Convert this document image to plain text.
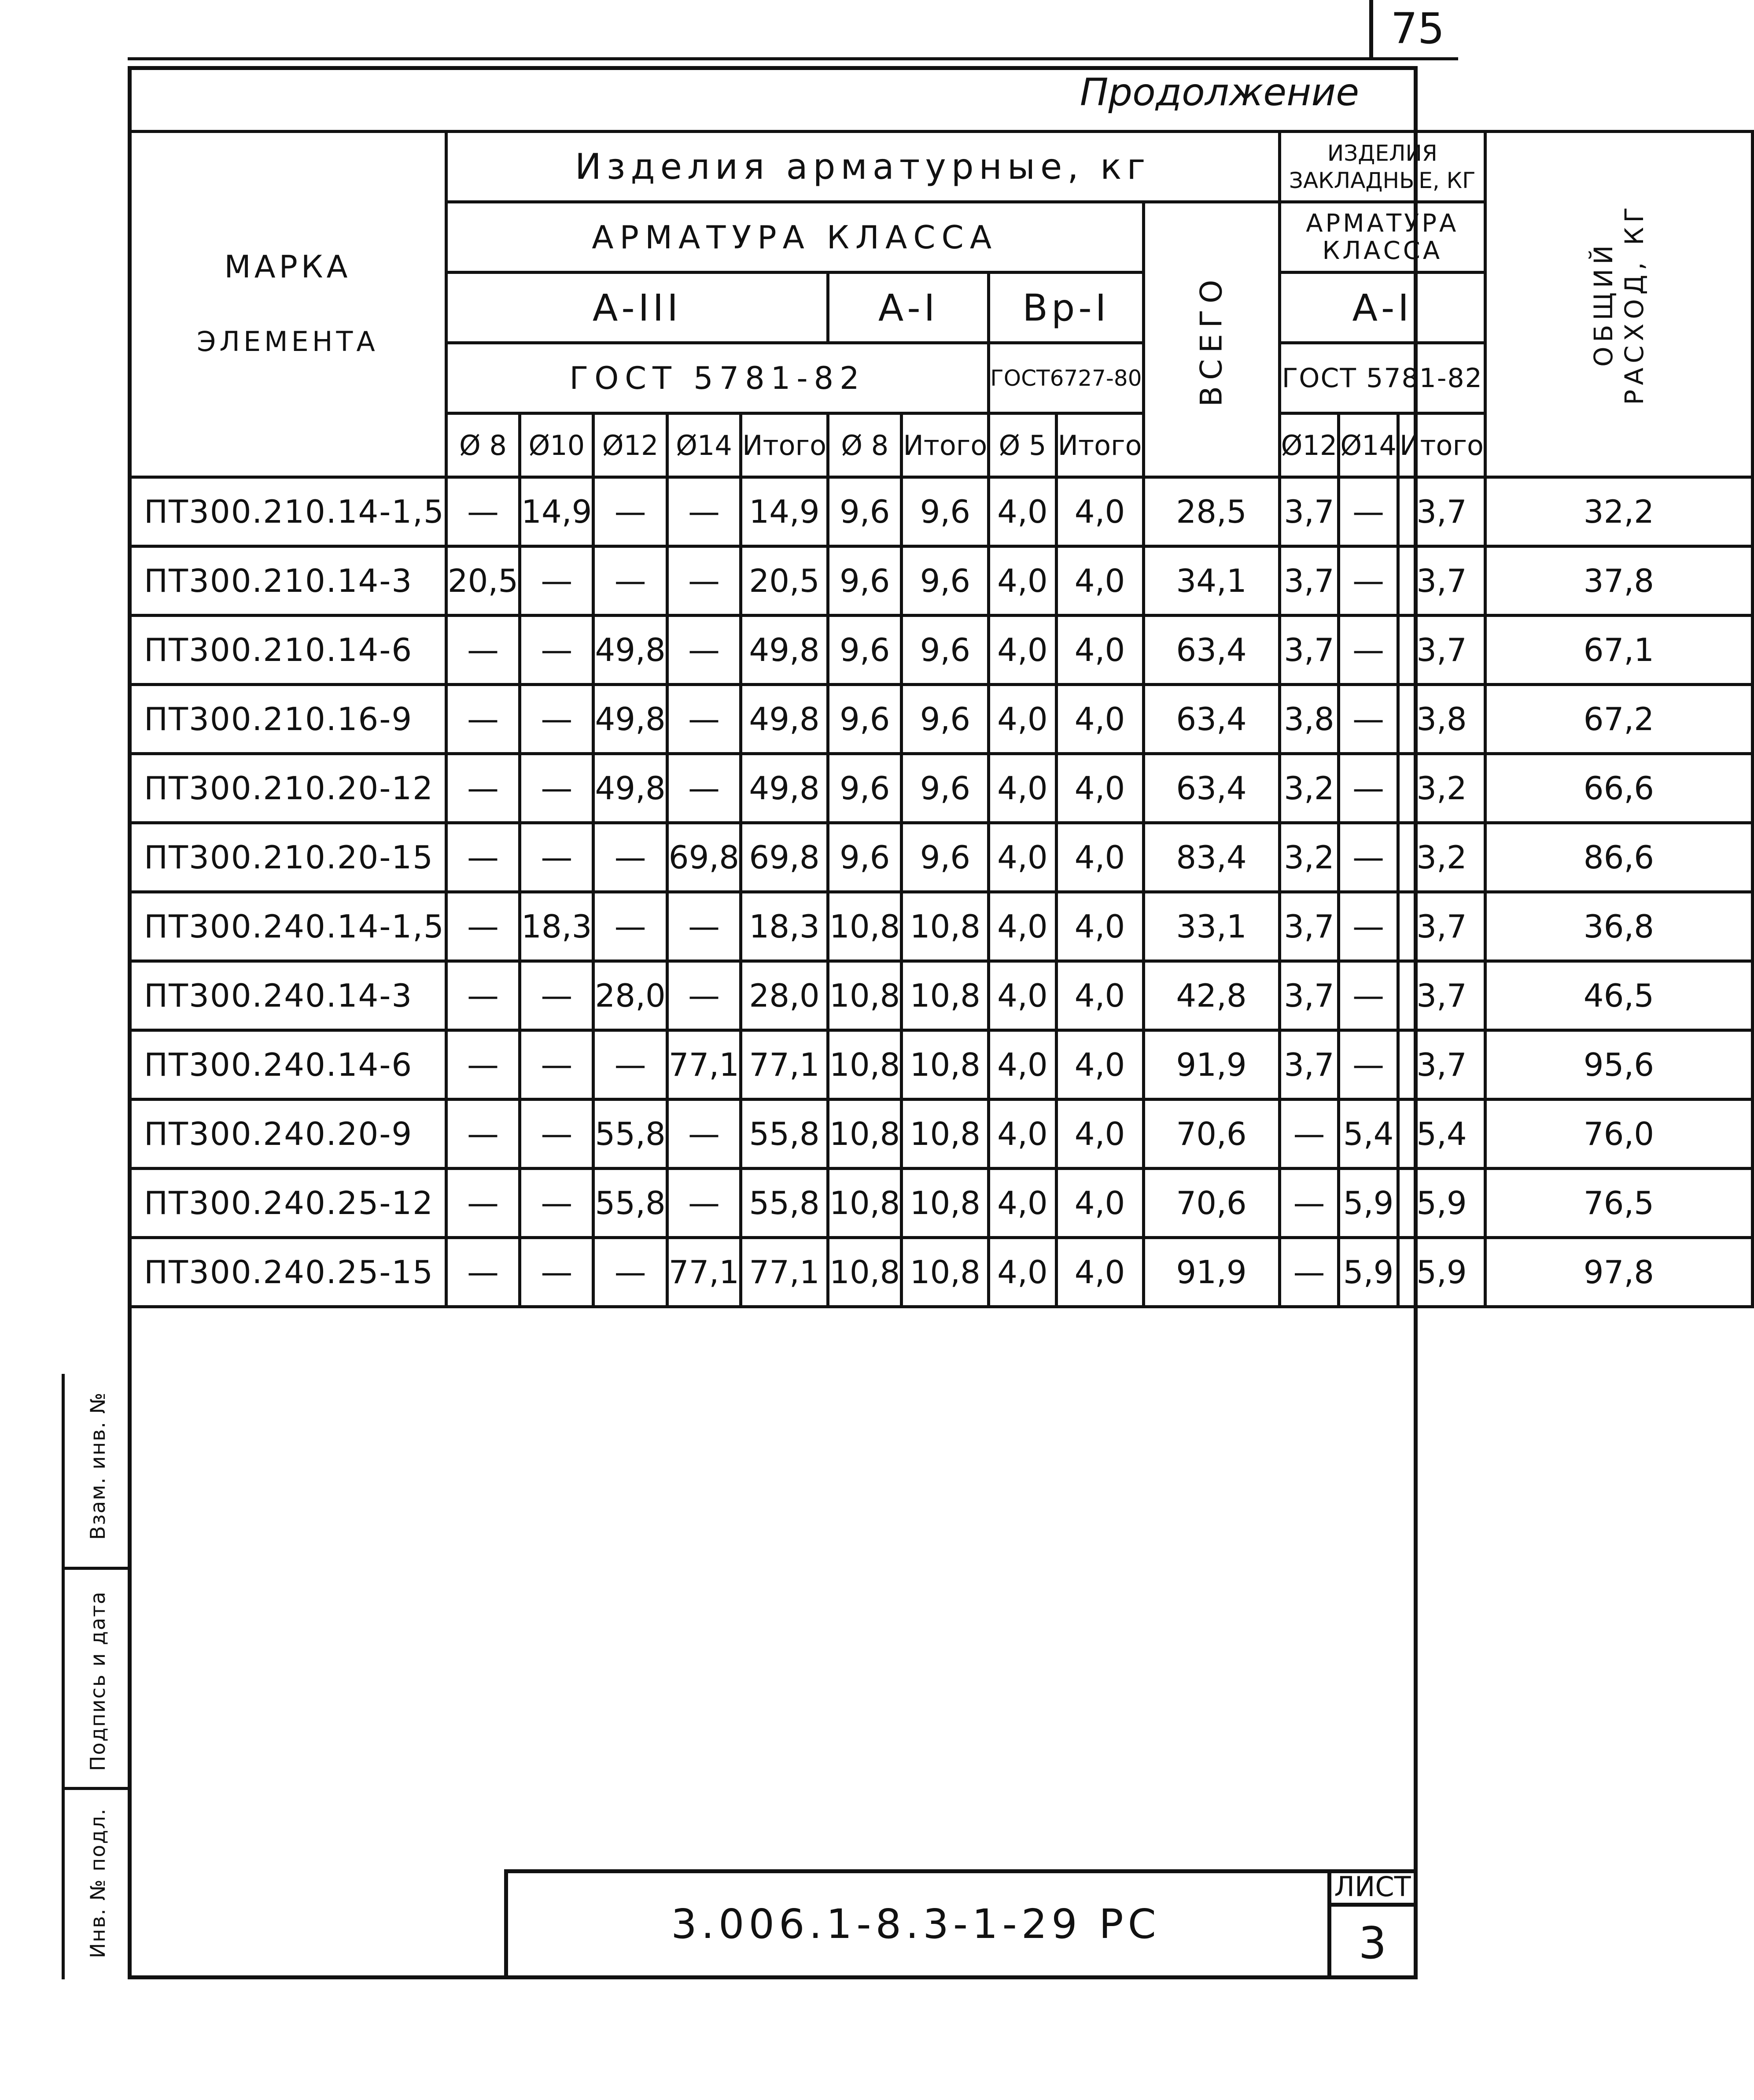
75
Продолжение
МАРКА
ЭЛЕМЕНТА	Изделия арматурные, кг										ИЗДЕЛИЯ ЗАКЛАДНЫЕ, КГ			ОБЩИЙ РАСХОД, КГ
	АРМАТУРА КЛАССА									ВСЕГО	АРМАТУРА КЛАССА			
	А-III					А-I		Вр-I			А-I			
	ГОСТ 5781-82							ГОСТ6727-80			ГОСТ 5781-82			
	Ø 8	Ø10	Ø12	Ø14	Итого	Ø 8	Итого	Ø 5	Итого		Ø12	Ø14	Итого	
ПТ300.210.14-1,5	—	14,9	—	—	14,9	9,6	9,6	4,0	4,0	28,5	3,7	—	3,7	32,2
ПТ300.210.14-3	20,5	—	—	—	20,5	9,6	9,6	4,0	4,0	34,1	3,7	—	3,7	37,8
ПТ300.210.14-6	—	—	49,8	—	49,8	9,6	9,6	4,0	4,0	63,4	3,7	—	3,7	67,1
ПТ300.210.16-9	—	—	49,8	—	49,8	9,6	9,6	4,0	4,0	63,4	3,8	—	3,8	67,2
ПТ300.210.20-12	—	—	49,8	—	49,8	9,6	9,6	4,0	4,0	63,4	3,2	—	3,2	66,6
ПТ300.210.20-15	—	—	—	69,8	69,8	9,6	9,6	4,0	4,0	83,4	3,2	—	3,2	86,6
ПТ300.240.14-1,5	—	18,3	—	—	18,3	10,8	10,8	4,0	4,0	33,1	3,7	—	3,7	36,8
ПТ300.240.14-3	—	—	28,0	—	28,0	10,8	10,8	4,0	4,0	42,8	3,7	—	3,7	46,5
ПТ300.240.14-6	—	—	—	77,1	77,1	10,8	10,8	4,0	4,0	91,9	3,7	—	3,7	95,6
ПТ300.240.20-9	—	—	55,8	—	55,8	10,8	10,8	4,0	4,0	70,6	—	5,4	5,4	76,0
ПТ300.240.25-12	—	—	55,8	—	55,8	10,8	10,8	4,0	4,0	70,6	—	5,9	5,9	76,5
ПТ300.240.25-15	—	—	—	77,1	77,1	10,8	10,8	4,0	4,0	91,9	—	5,9	5,9	97,8
Взам. инв. №
Подпись и дата
Инв. № подл.	3.006.1-8.3-1-29 РС
ЛИСТ
3
